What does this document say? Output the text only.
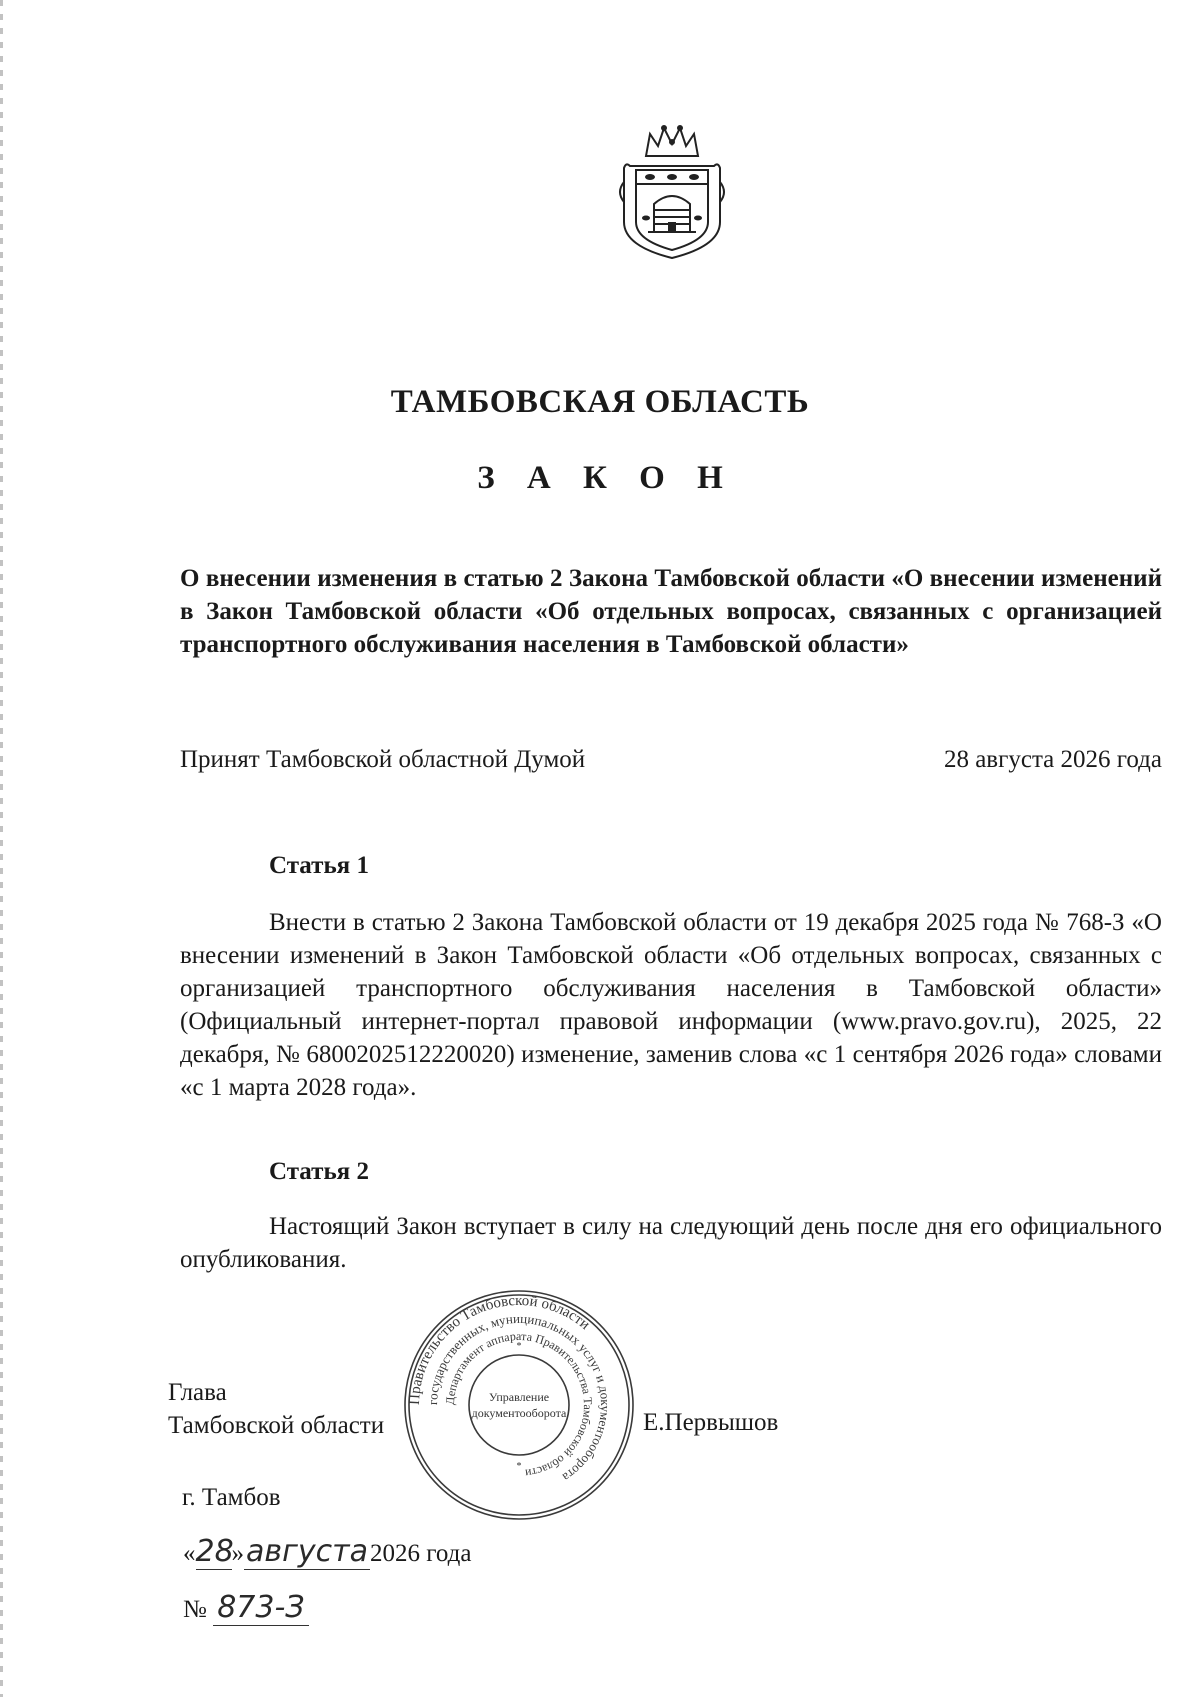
ТАМБОВСКАЯ ОБЛАСТЬ
З А К О Н

О внесении изменения в статью 2 Закона Тамбовской области «О внесении изменений в Закон Тамбовской области «Об отдельных вопросах, связанных с организацией транспортного обслуживания населения в Тамбовской области»

Принят Тамбовской областной Думой	28 августа 2026 года
Статья 1

Внести в статью 2 Закона Тамбовской области от 19 декабря 2025 года № 768-З «О внесении изменений в Закон Тамбовской области «Об отдельных вопросах, связанных с организацией транспортного обслуживания населения в Тамбовской области» (Официальный интернет-портал правовой информации (www.pravo.gov.ru), 2025, 22 декабря, № 6800202512220020) изменение, заменив слова «с 1 сентября 2026 года» словами «с 1 марта 2028 года».

Статья 2

Настоящий Закон вступает в силу на следующий день после дня его официального опубликования.

Глава
Тамбовской области	Е.Первышов
Правительство Тамбовской области
государственных, муниципальных услуг и документооборота
Департамент аппарата Правительства Тамбовской области
Управление
документооборота
*
*
г. Тамбов
« 28
» августа 2026 года
№ 873-З
